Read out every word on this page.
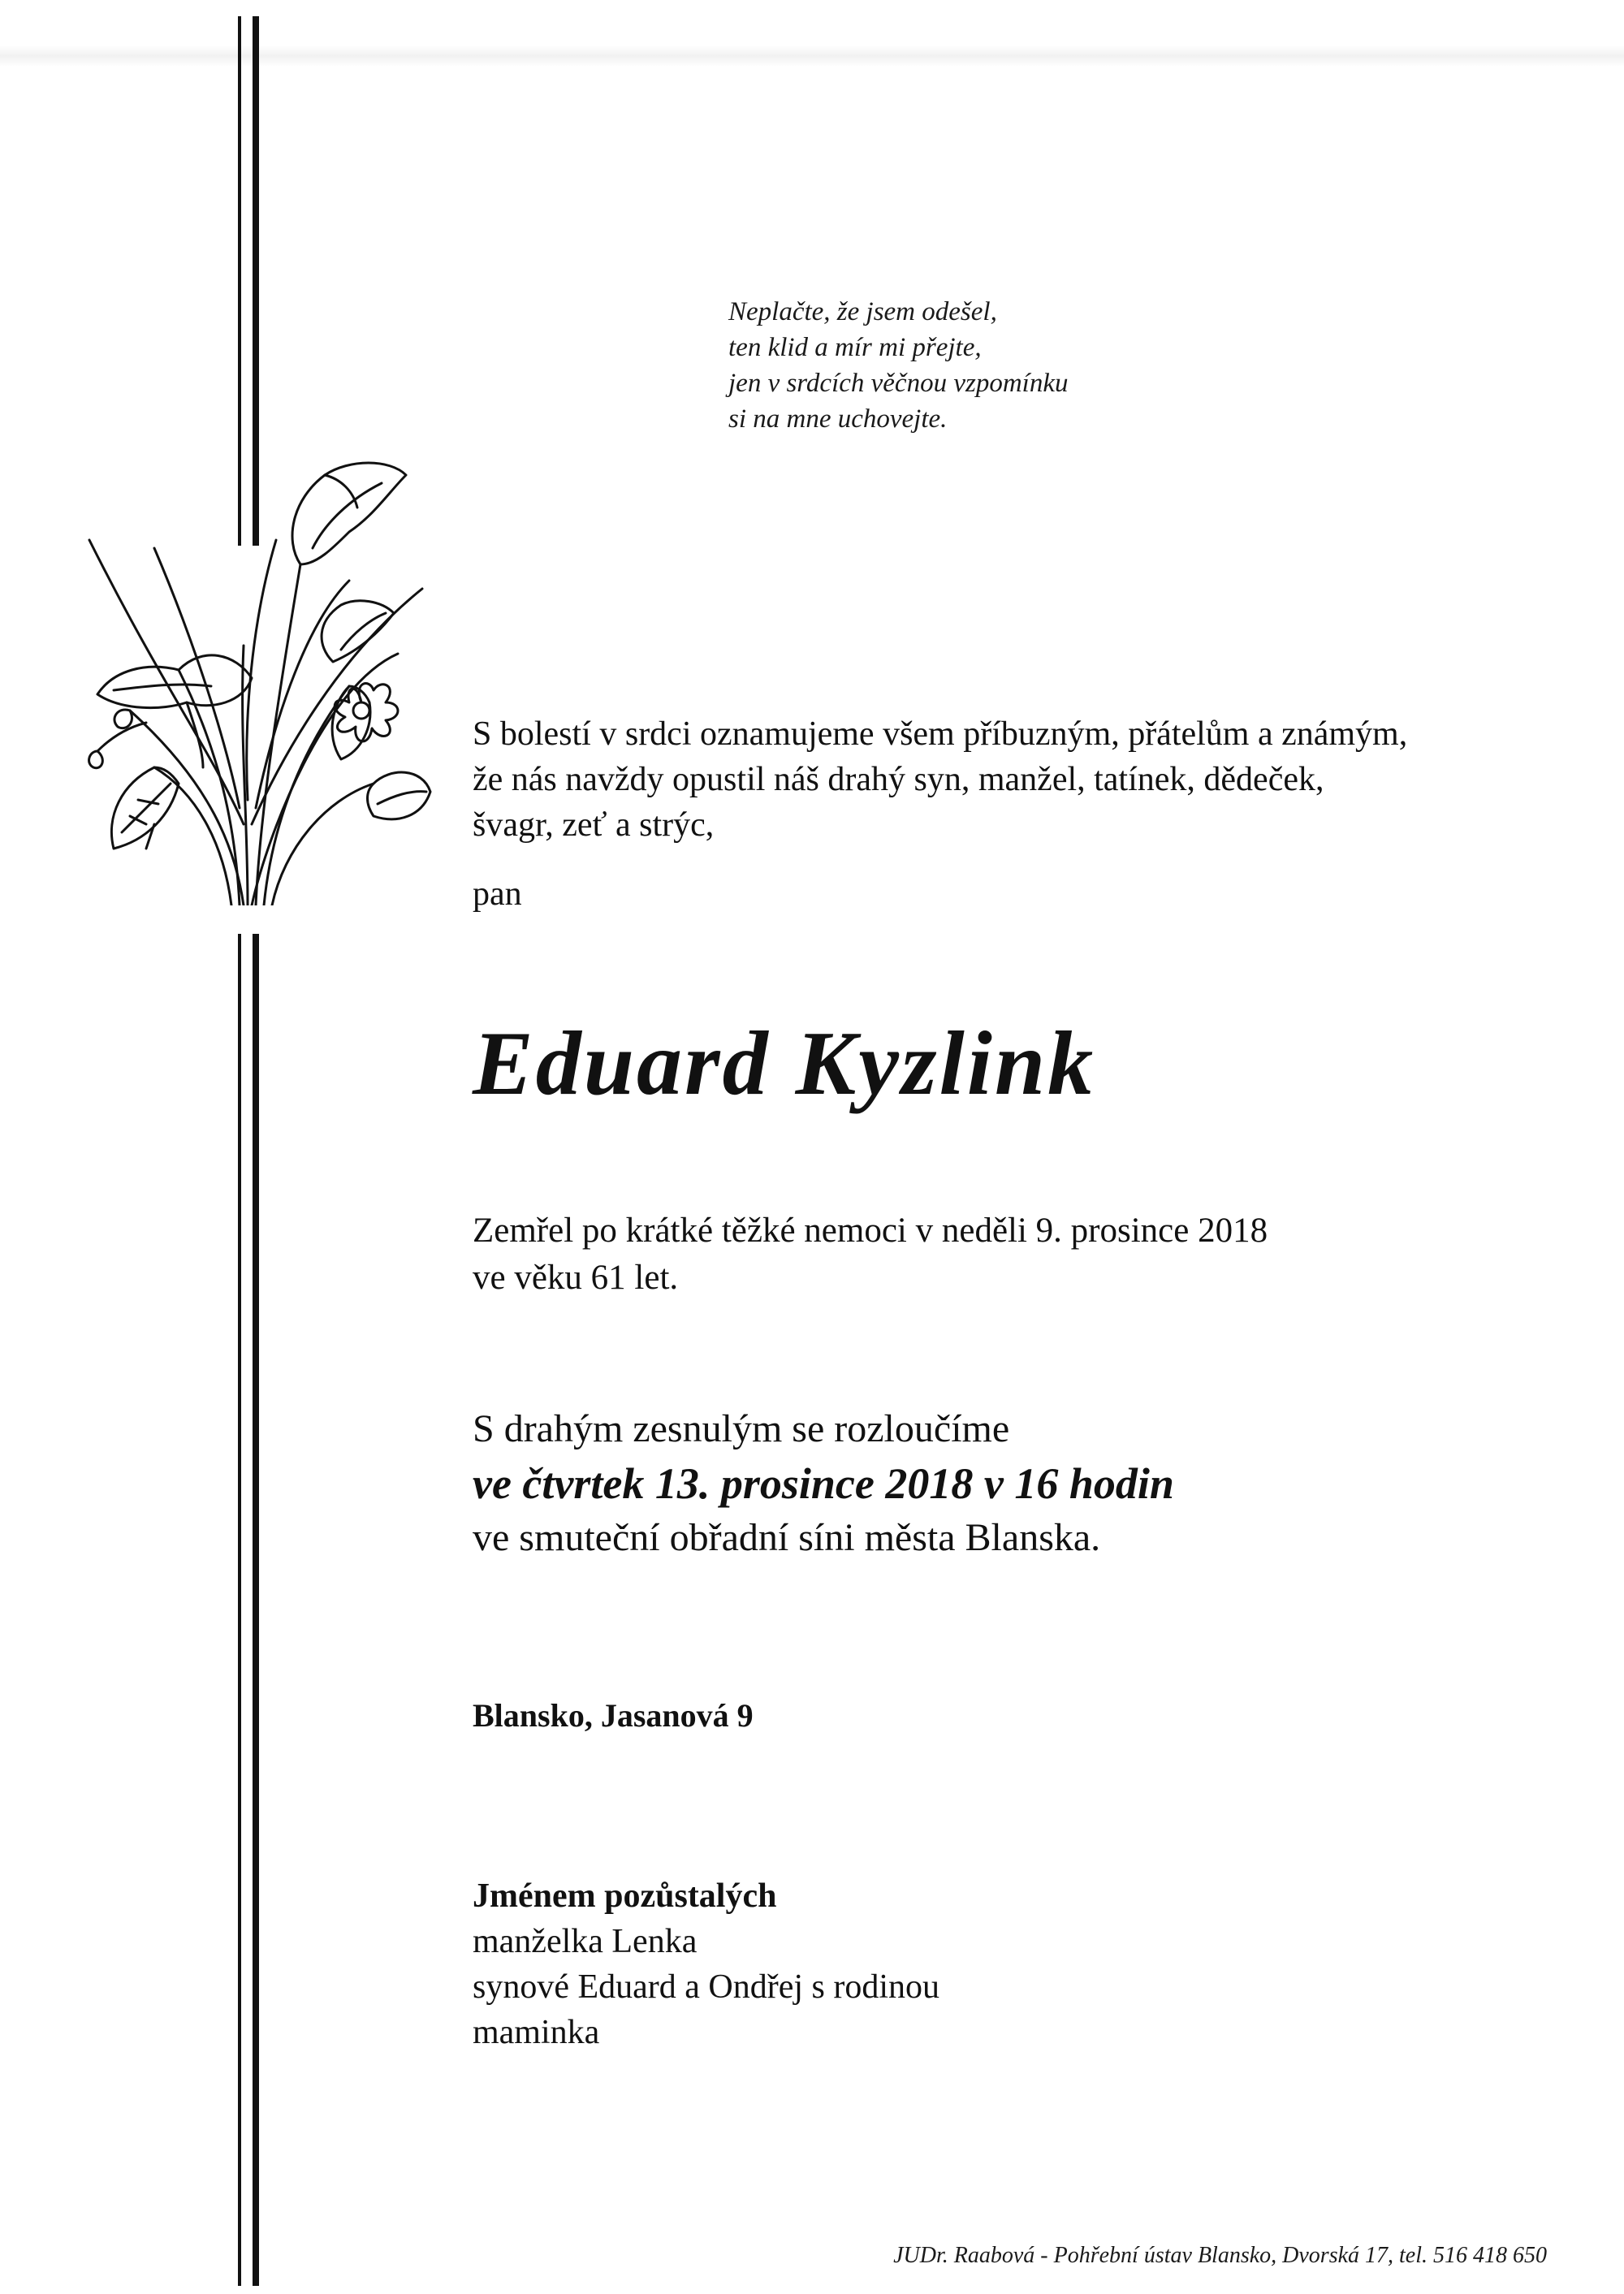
Neplačte, že jsem odešel,
ten klid a mír mi přejte,
jen v srdcích věčnou vzpomínku
si na mne uchovejte.
S bolestí v srdci oznamujeme všem příbuzným, přátelům a známým,
že nás navždy opustil náš drahý syn, manžel, tatínek, dědeček,
švagr, zeť a strýc,
pan
Eduard Kyzlink
Zemřel po krátké těžké nemoci v neděli 9. prosince 2018
ve věku 61 let.
S drahým zesnulým se rozloučíme
ve čtvrtek 13. prosince 2018 v 16 hodin
ve smuteční obřadní síni města Blanska.
Blansko, Jasanová 9
Jménem pozůstalých
manželka Lenka
synové Eduard a Ondřej s rodinou
maminka
JUDr. Raabová - Pohřební ústav Blansko, Dvorská 17, tel. 516 418 650
